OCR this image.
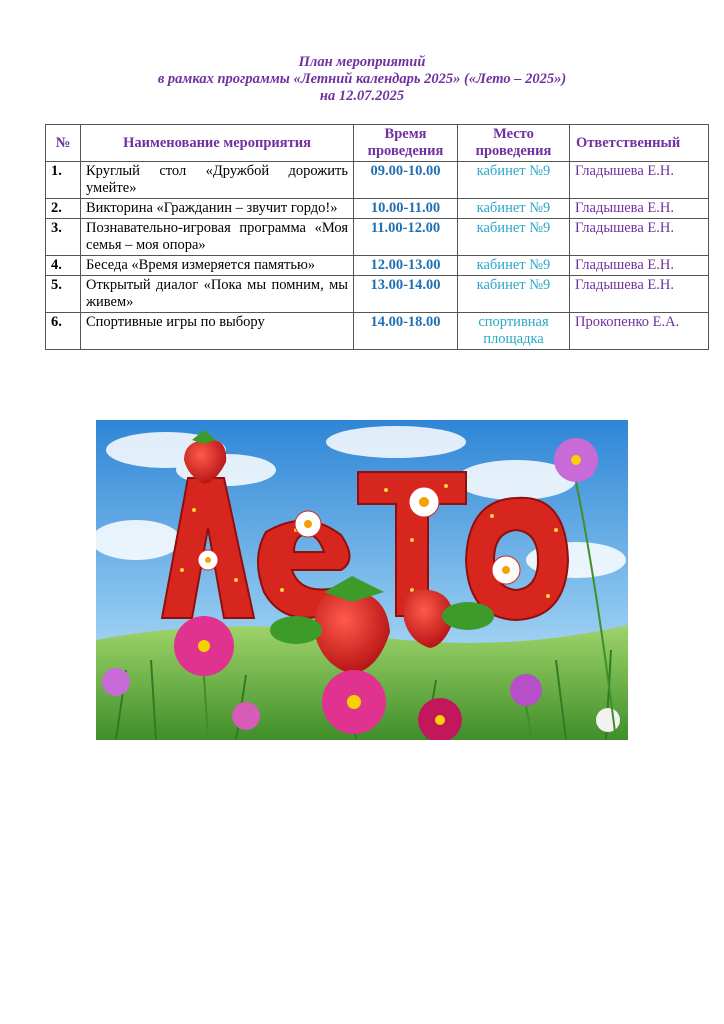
План мероприятий
в рамках программы «Летний календарь 2025» («Лето – 2025»)
на 12.07.2025
№	Наименование мероприятия	Время проведения	Место проведения	Ответственный
1.	Круглый стол «Дружбой дорожить умейте»	09.00-10.00	кабинет №9	Гладышева Е.Н.
2.	Викторина «Гражданин – звучит гордо!»	10.00-11.00	кабинет №9	Гладышева Е.Н.
3.	Познавательно-игровая программа «Моя семья – моя опора»	11.00-12.00	кабинет №9	Гладышева Е.Н.
4.	Беседа «Время измеряется памятью»	12.00-13.00	кабинет №9	Гладышева Е.Н.
5.	Открытый диалог «Пока мы помним, мы живем»	13.00-14.00	кабинет №9	Гладышева Е.Н.
6.	Спортивные игры по выбору	14.00-18.00	спортивная площадка	Прокопенко Е.А.
